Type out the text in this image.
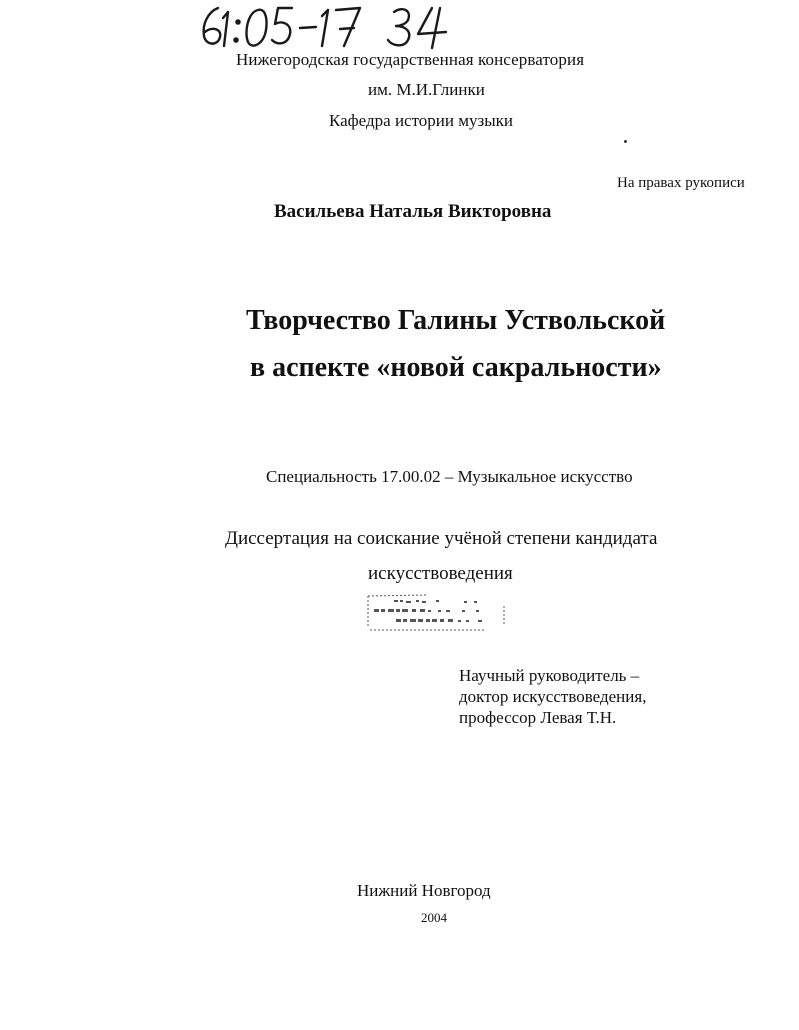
61:05-17 34
Нижегородская государственная консерватория
им. М.И.Глинки
Кафедра истории музыки
На правах рукописи
Васильева Наталья Викторовна
Творчество Галины Уствольской
в аспекте «новой сакральности»
Специальность 17.00.02 – Музыкальное искусство
Диссертация на соискание учёной степени кандидата
искусствоведения
Научный руководитель –
доктор искусствоведения,
профессор Левая Т.Н.
Нижний Новгород
2004
